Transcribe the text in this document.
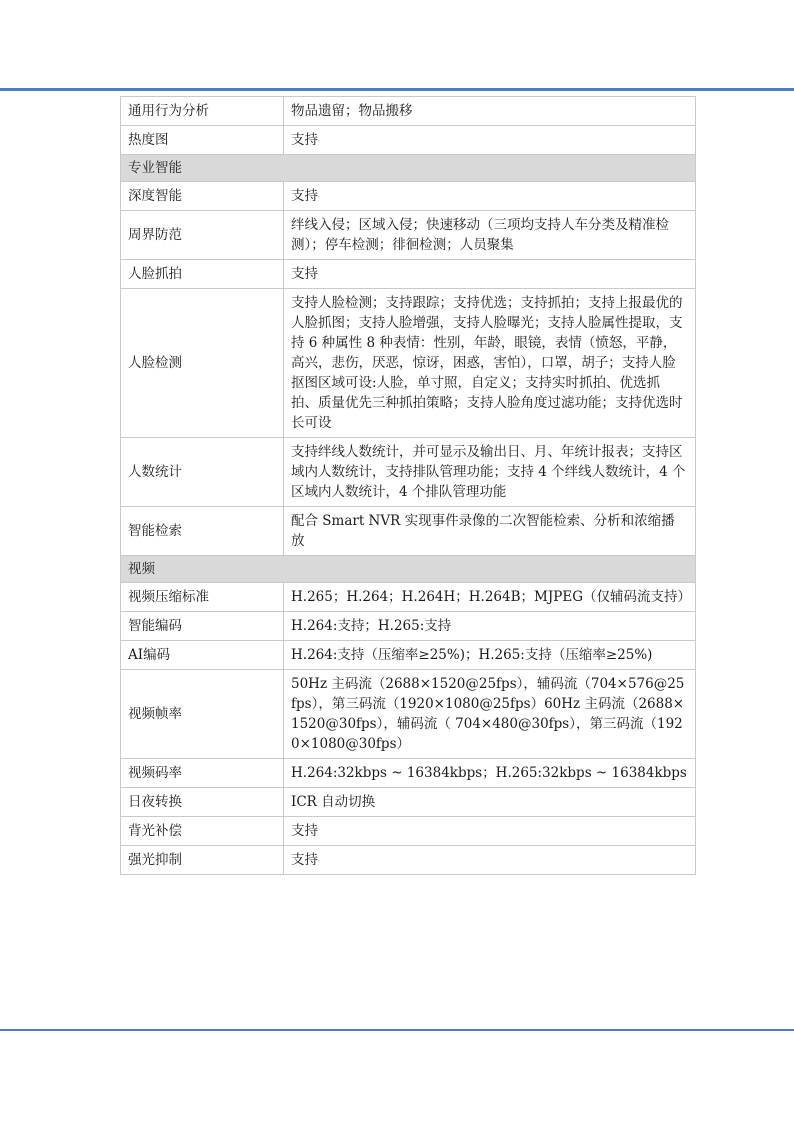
通用行为分析	物品遗留；物品搬移
热度图	支持
专业智能	
深度智能	支持
周界防范	绊线入侵；区域入侵；快速移动（三项均支持人车分类及精准检测）；停车检测；徘徊检测；人员聚集
人脸抓拍	支持
人脸检测	支持人脸检测；支持跟踪；支持优选；支持抓拍；支持上报最优的人脸抓图；支持人脸增强，支持人脸曝光；支持人脸属性提取，支持 6 种属性 8 种表情：性别，年龄，眼镜，表情（愤怒，平静，高兴，悲伤，厌恶，惊讶，困惑，害怕），口罩，胡子；支持人脸抠图区域可设:人脸，单寸照，自定义；支持实时抓拍、优选抓拍、质量优先三种抓拍策略；支持人脸角度过滤功能；支持优选时长可设
人数统计	支持绊线人数统计，并可显示及输出日、月、年统计报表；支持区域内人数统计，支持排队管理功能；支持 4 个绊线人数统计，4 个区域内人数统计，4 个排队管理功能
智能检索	配合 Smart NVR 实现事件录像的二次智能检索、分析和浓缩播放
视频	
视频压缩标准	H.265；H.264；H.264H；H.264B；MJPEG（仅辅码流支持）
智能编码	H.264:支持；H.265:支持
AI编码	H.264:支持（压缩率≥25%)；H.265:支持（压缩率≥25%)
视频帧率	50Hz 主码流（2688×1520@25fps），辅码流（704×576@25fps），第三码流（1920×1080@25fps）60Hz 主码流（2688×1520@30fps），辅码流（ 704×480@30fps），第三码流（1920×1080@30fps）
视频码率	H.264:32kbps ~ 16384kbps；H.265:32kbps ~ 16384kbps
日夜转换	ICR 自动切换
背光补偿	支持
强光抑制	支持
